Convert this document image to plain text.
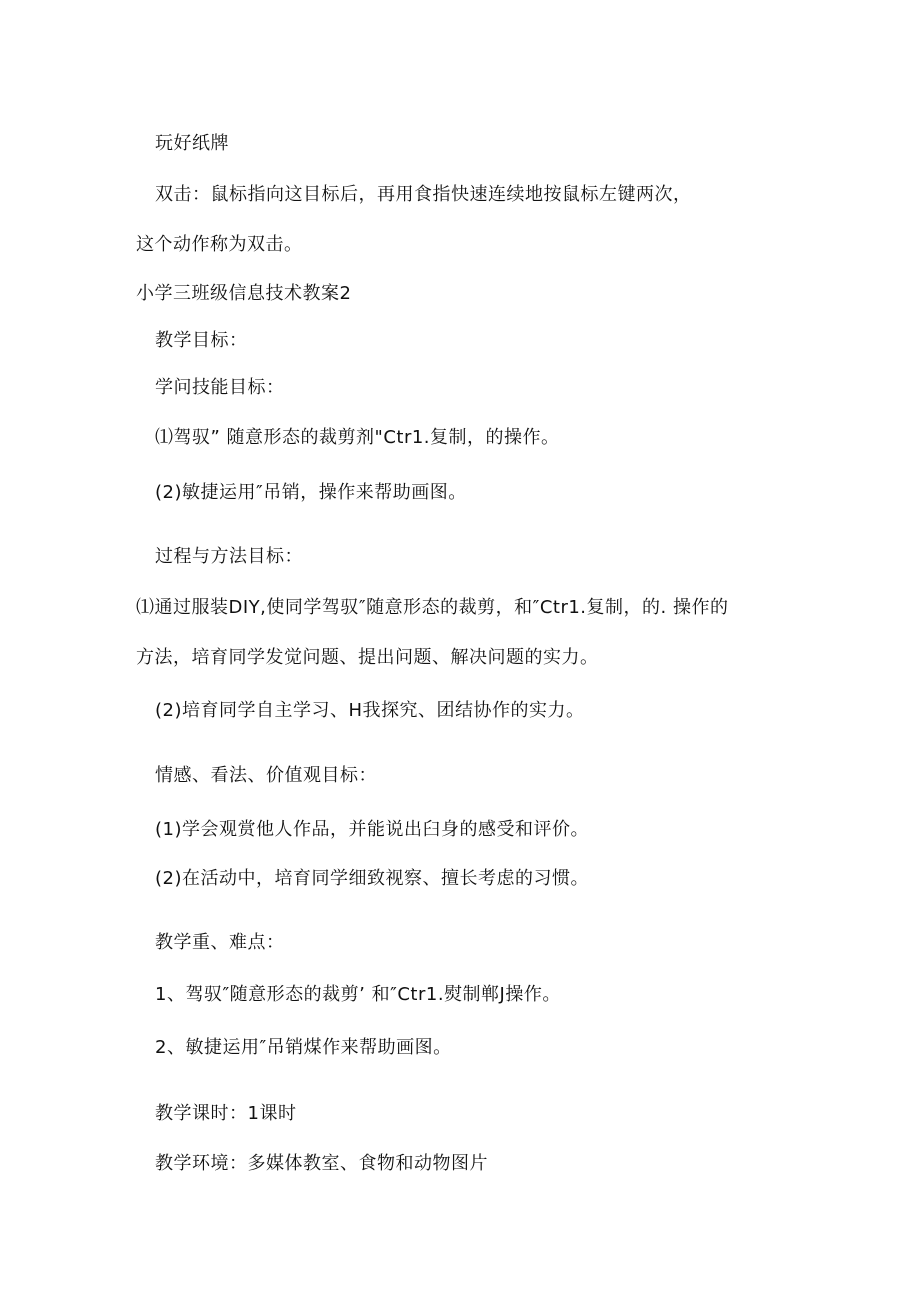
玩好纸牌
双击：鼠标指向这目标后，再用食指快速连续地按鼠标左键两次，
这个动作称为双击。
小学三班级信息技术教案2
教学目标：
学问技能目标：
⑴驾驭” 随意形态的裁剪剂"Ctr1.复制，的操作。
(2)敏捷运用″吊销，操作来帮助画图。
过程与方法目标：
⑴通过服装DIY,使同学驾驭″随意形态的裁剪，和″Ctr1.复制，的. 操作的
方法，培育同学发觉问题、提出问题、解决问题的实力。
(2)培育同学自主学习、H我探究、团结协作的实力。
情感、看法、价值观目标：
(1)学会观赏他人作品，并能说出臼身的感受和评价。
(2)在活动中，培育同学细致视察、擅长考虑的习惯。
教学重、难点：
1、驾驭″随意形态的裁剪’ 和″Ctr1.熨制郸J操作。
2、敏捷运用″吊销煤作来帮助画图。
教学课时：1课时
教学环境：多媒体教室、食物和动物图片
